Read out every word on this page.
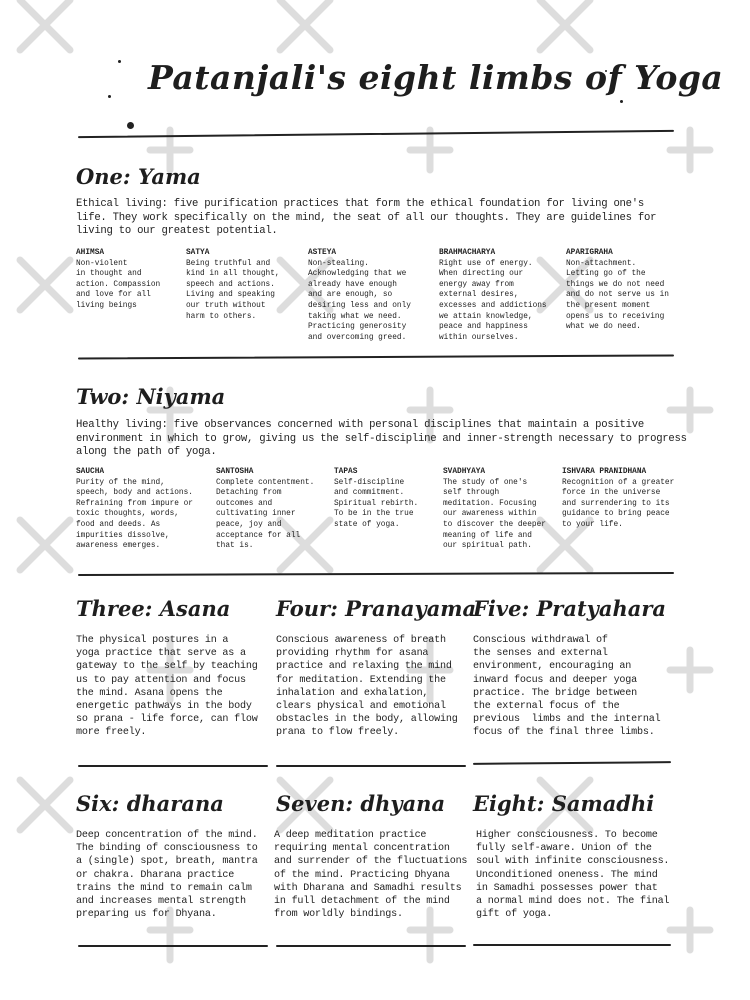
Patanjali's eight limbs of Yoga
One: Yama
Ethical living: five purification practices that form the ethical foundation for living one's
life. They work specifically on the mind, the seat of all our thoughts. They are guidelines for
living to our greatest potential.
AHIMSA
Non-violent
in thought and
action. Compassion
and love for all
living beings
SATYA
Being truthful and
kind in all thought,
speech and actions.
Living and speaking
our truth without
harm to others.
ASTEYA
Non-stealing.
Acknowledging that we
already have enough
and are enough, so
desiring less and only
taking what we need.
Practicing generosity
and overcoming greed.
BRAHMACHARYA
Right use of energy.
When directing our
energy away from
external desires,
excesses and addictions
we attain knowledge,
peace and happiness
within ourselves.
APARIGRAHA
Non-attachment.
Letting go of the
things we do not need
and do not serve us in
the present moment
opens us to receiving
what we do need.
Two: Niyama
Healthy living: five observances concerned with personal disciplines that maintain a positive
environment in which to grow, giving us the self-discipline and inner-strength necessary to progress
along the path of yoga.
SAUCHA
Purity of the mind,
speech, body and actions.
Refraining from impure or
toxic thoughts, words,
food and deeds. As
impurities dissolve,
awareness emerges.
SANTOSHA
Complete contentment.
Detaching from
outcomes and
cultivating inner
peace, joy and
acceptance for all
that is.
TAPAS
Self-discipline
and commitment.
Spiritual rebirth.
To be in the true
state of yoga.
SVADHYAYA
The study of one's
self through
meditation. Focusing
our awareness within
to discover the deeper
meaning of life and
our spiritual path.
ISHVARA PRANIDHANA
Recognition of a greater
force in the universe
and surrendering to its
guidance to bring peace
to your life.
Three: Asana
The physical postures in a
yoga practice that serve as a
gateway to the self by teaching
us to pay attention and focus
the mind. Asana opens the
energetic pathways in the body
so prana - life force, can flow
more freely.
Four: Pranayama
Conscious awareness of breath
providing rhythm for asana
practice and relaxing the mind
for meditation. Extending the
inhalation and exhalation,
clears physical and emotional
obstacles in the body, allowing
prana to flow freely.
Five: Pratyahara
Conscious withdrawal of
the senses and external
environment, encouraging an
inward focus and deeper yoga
practice. The bridge between
the external focus of the
previous  limbs and the internal
focus of the final three limbs.
Six: dharana
Deep concentration of the mind.
The binding of consciousness to
a (single) spot, breath, mantra
or chakra. Dharana practice
trains the mind to remain calm
and increases mental strength
preparing us for Dhyana.
Seven: dhyana
A deep meditation practice
requiring mental concentration
and surrender of the fluctuations
of the mind. Practicing Dhyana
with Dharana and Samadhi results
in full detachment of the mind
from worldly bindings.
Eight: Samadhi
Higher consciousness. To become
fully self-aware. Union of the
soul with infinite consciousness.
Unconditioned oneness. The mind
in Samadhi possesses power that
a normal mind does not. The final
gift of yoga.
